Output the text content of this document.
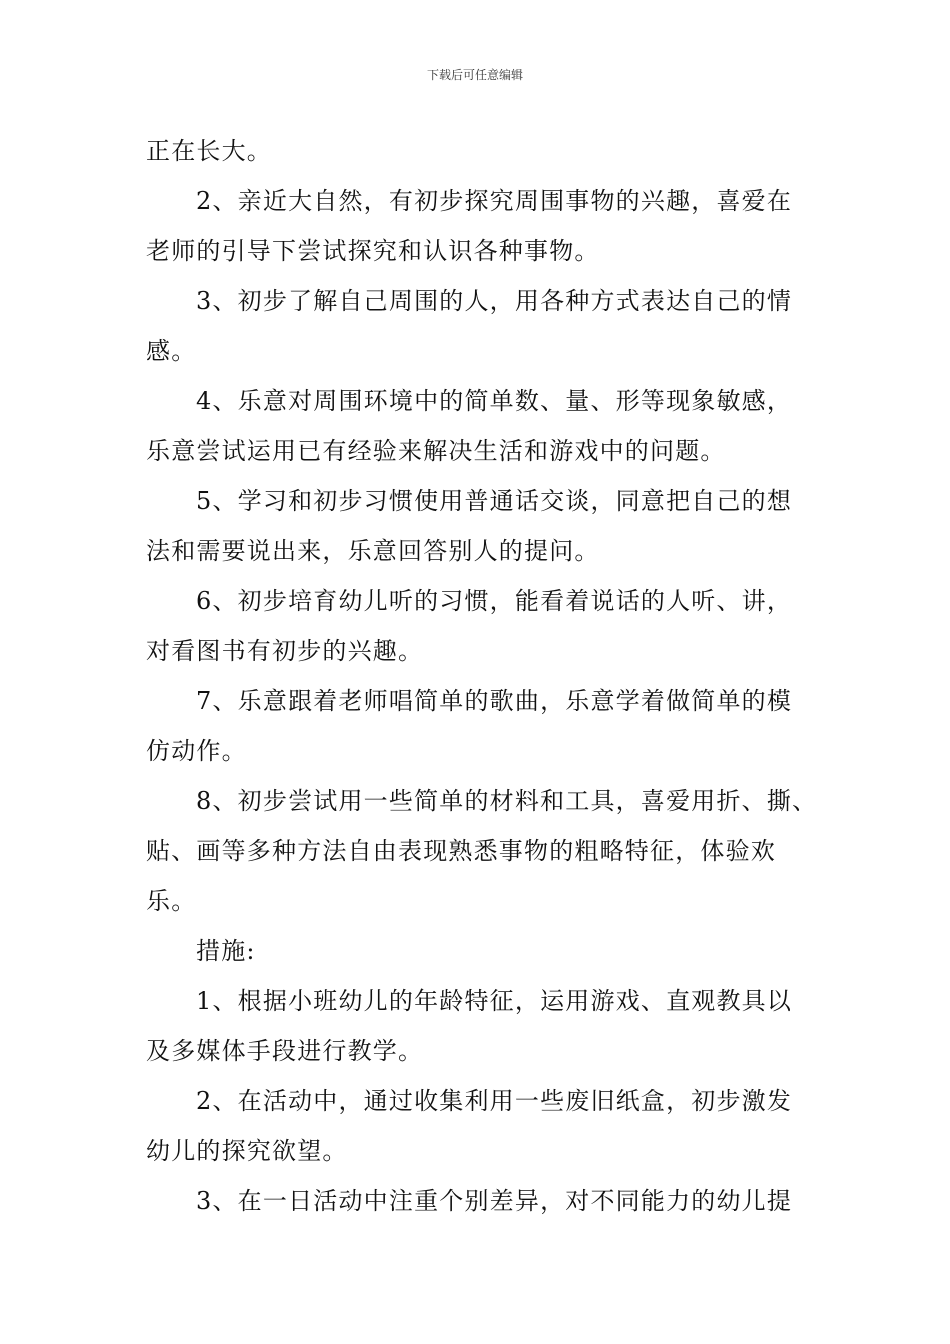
下载后可任意编辑
正在长大。
2、亲近大自然，有初步探究周围事物的兴趣，喜爱在
老师的引导下尝试探究和认识各种事物。
3、初步了解自己周围的人，用各种方式表达自己的情
感。
4、乐意对周围环境中的简单数、量、形等现象敏感，
乐意尝试运用已有经验来解决生活和游戏中的问题。
5、学习和初步习惯使用普通话交谈，同意把自己的想
法和需要说出来，乐意回答别人的提问。
6、初步培育幼儿听的习惯，能看着说话的人听、讲，
对看图书有初步的兴趣。
7、乐意跟着老师唱简单的歌曲，乐意学着做简单的模
仿动作。
8、初步尝试用一些简单的材料和工具，喜爱用折、撕、
贴、画等多种方法自由表现熟悉事物的粗略特征，体验欢
乐。
措施:
1、根据小班幼儿的年龄特征，运用游戏、直观教具以
及多媒体手段进行教学。
2、在活动中，通过收集利用一些废旧纸盒，初步激发
幼儿的探究欲望。
3、在一日活动中注重个别差异，对不同能力的幼儿提
